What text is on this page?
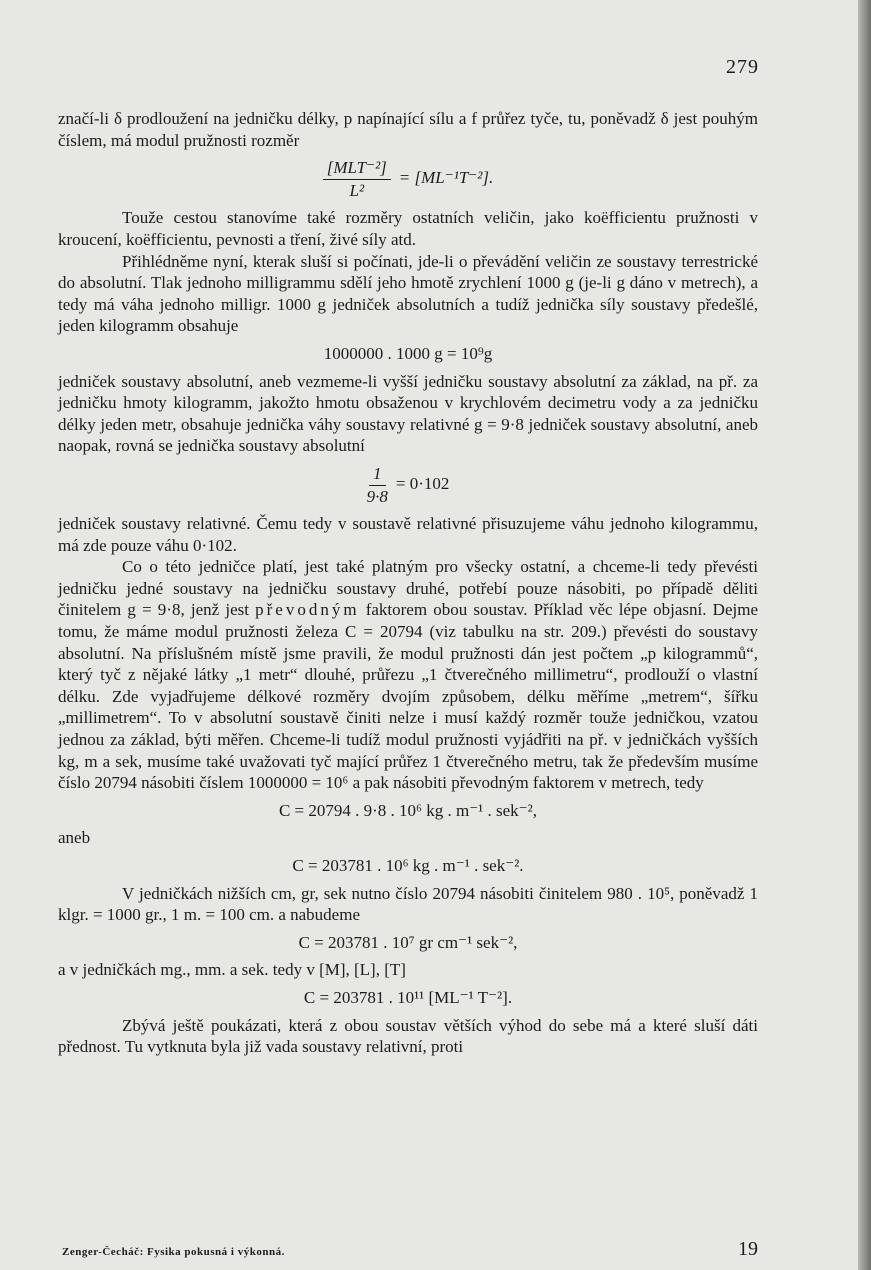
279

značí-li δ prodloužení na jedničku délky, p napínající sílu a f průřez tyče, tu, poněvadž δ jest pouhým číslem, má modul pružnosti rozměr

$\frac{\text{[MLT⁻²]}}{\text{L²}} = [ML^{-1}T^{-2}]$.

Touže cestou stanovíme také rozměry ostatních veličin, jako koëfficientu pružnosti v kroucení, koëfficientu, pevnosti a tření, živé síly atd.

Přihlédněme nyní, kterak sluší si počínati, jde-li o převádění veličin ze soustavy terrestrické do absolutní. Tlak jednoho milligrammu sdělí jeho hmotě zrychlení 1000 g (je-li g dáno v metrech), a tedy má váha jednoho milligr. 1000 g jedniček absolutních a tudíž jednička síly soustavy předešlé, jeden kilogramm obsahuje

1000000 . 1000 g = 10⁹g

jedniček soustavy absolutní, aneb vezmeme-li vyšší jedničku soustavy absolutní za základ, na př. za jedničku hmoty kilogramm, jakožto hmotu obsaženou v krychlovém decimetru vody a za jedničku délky jeden metr, obsahuje jednička váhy soustavy relativné g = 9·8 jedniček soustavy absolutní, aneb naopak, rovná se jednička soustavy absolutní

$\frac{1}{9\cdot 8} = 0\cdot 102$

jedniček soustavy relativné. Čemu tedy v soustavě relativné přisuzujeme váhu jednoho kilogrammu, má zde pouze váhu 0·102.

Co o této jedničce platí, jest také platným pro všecky ostatní, a chceme-li tedy převésti jedničku jedné soustavy na jedničku soustavy druhé, potřebí pouze násobiti, po případě děliti činitelem g = 9·8, jenž jest převodným faktorem obou soustav. Příklad věc lépe objasní. Dejme tomu, že máme modul pružnosti železa C = 20794 (viz tabulku na str. 209.) převésti do soustavy absolutní. Na příslušném místě jsme pravili, že modul pružnosti dán jest počtem „p kilogrammů“, který tyč z nějaké látky „1 metr“ dlouhé, průřezu „1 čtverečného millimetru“, prodlouží o vlastní délku. Zde vyjadřujeme délkové rozměry dvojím způsobem, délku měříme „metrem“, šířku „millimetrem“. To v absolutní soustavě činiti nelze i musí každý rozměr touže jedničkou, vzatou jednou za základ, býti měřen. Chceme-li tudíž modul pružnosti vyjádřiti na př. v jedničkách vyšších kg, m a sek, musíme také uvažovati tyč mající průřez 1 čtverečného metru, tak že především musíme číslo 20794 násobiti číslem 1000000 = 10⁶ a pak násobiti převodným faktorem v metrech, tedy

C = 20794 . 9·8 . 10⁶ kg . m⁻¹ . sek⁻²,

aneb

C = 203781 . 10⁶ kg . m⁻¹ . sek⁻².

V jedničkách nižších cm, gr, sek nutno číslo 20794 násobiti činitelem 980 . 10⁵, poněvadž 1 klgr. = 1000 gr., 1 m. = 100 cm. a nabudeme

C = 203781 . 10⁷ gr cm⁻¹ sek⁻²,

a v jedničkách mg., mm. a sek. tedy v [M], [L], [T]

C = 203781 . 10¹¹ [ML⁻¹ T⁻²].

Zbývá ještě poukázati, která z obou soustav větších výhod do sebe má a které sluší dáti přednost. Tu vytknuta byla již vada soustavy relativní, proti

Zenger-Čecháč: Fysika pokusná i výkonná.	19
